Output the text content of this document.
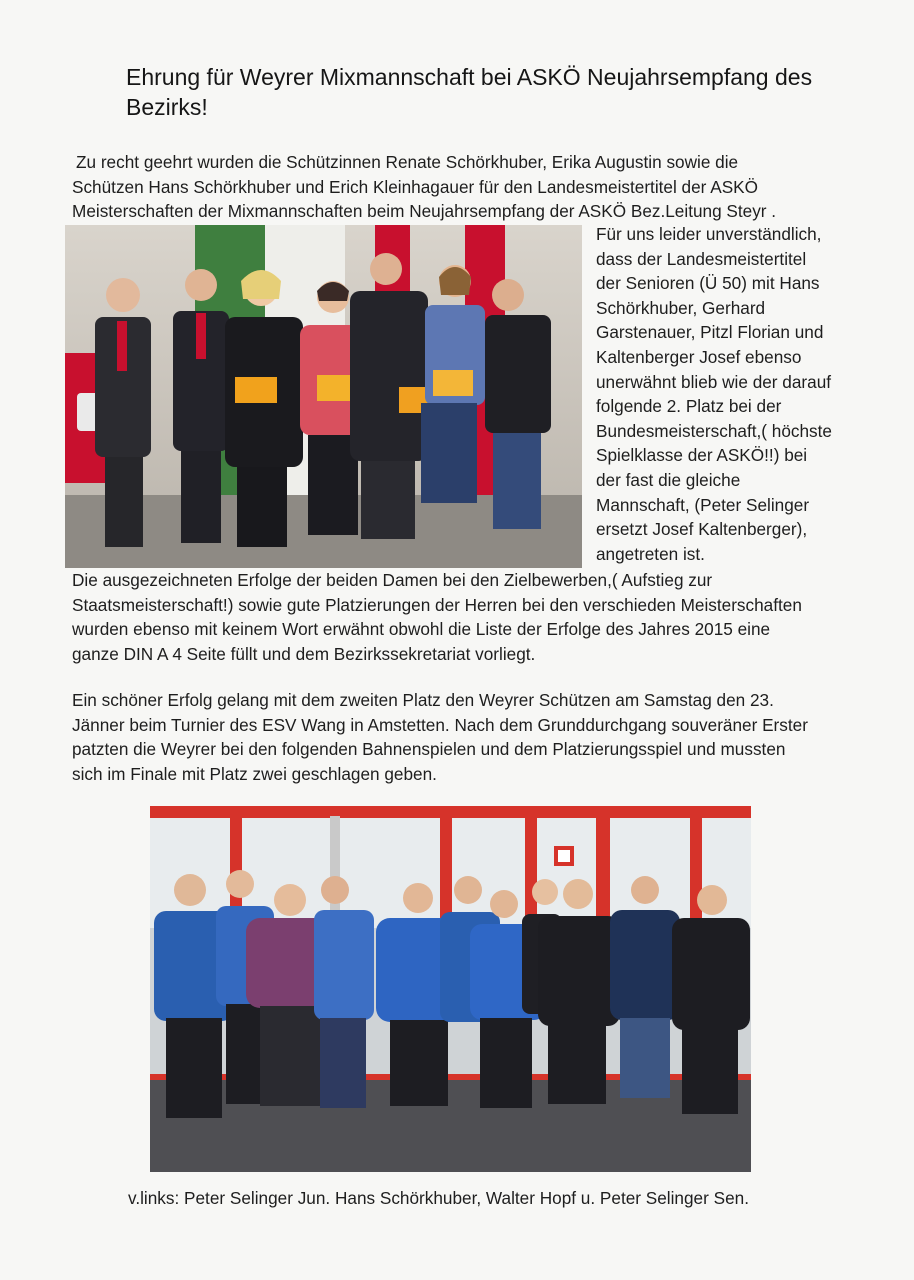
Ehrung für Weyrer Mixmannschaft bei ASKÖ Neujahrsempfang des Bezirks!

Zu recht geehrt wurden die Schützinnen Renate Schörkhuber, Erika Augustin sowie die
Schützen Hans Schörkhuber und Erich Kleinhagauer für den Landesmeistertitel der ASKÖ
Meisterschaften der Mixmannschaften beim Neujahrsempfang der ASKÖ Bez.Leitung Steyr .

Für uns leider unverständlich,
dass der Landesmeistertitel
der Senioren (Ü 50) mit Hans
Schörkhuber, Gerhard
Garstenauer, Pitzl Florian und
Kaltenberger Josef ebenso
unerwähnt blieb wie der darauf
folgende 2. Platz bei der
Bundesmeisterschaft,( höchste
Spielklasse der ASKÖ!!) bei
der fast die gleiche
Mannschaft, (Peter Selinger
ersetzt Josef Kaltenberger),
angetreten ist.

Die ausgezeichneten Erfolge der beiden Damen bei den Zielbewerben,( Aufstieg zur
Staatsmeisterschaft!) sowie gute Platzierungen der Herren bei den verschieden Meisterschaften
wurden ebenso mit keinem Wort erwähnt obwohl die Liste der Erfolge des Jahres 2015 eine
ganze DIN A 4 Seite füllt und dem Bezirkssekretariat vorliegt.

Ein schöner Erfolg gelang mit dem zweiten Platz den Weyrer Schützen am Samstag den 23.
Jänner beim Turnier des ESV Wang in Amstetten. Nach dem Grunddurchgang souveräner Erster
patzten die Weyrer bei den folgenden Bahnenspielen und dem Platzierungsspiel und mussten
sich im Finale mit Platz zwei geschlagen geben.

v.links: Peter Selinger Jun. Hans Schörkhuber, Walter Hopf u. Peter Selinger Sen.
